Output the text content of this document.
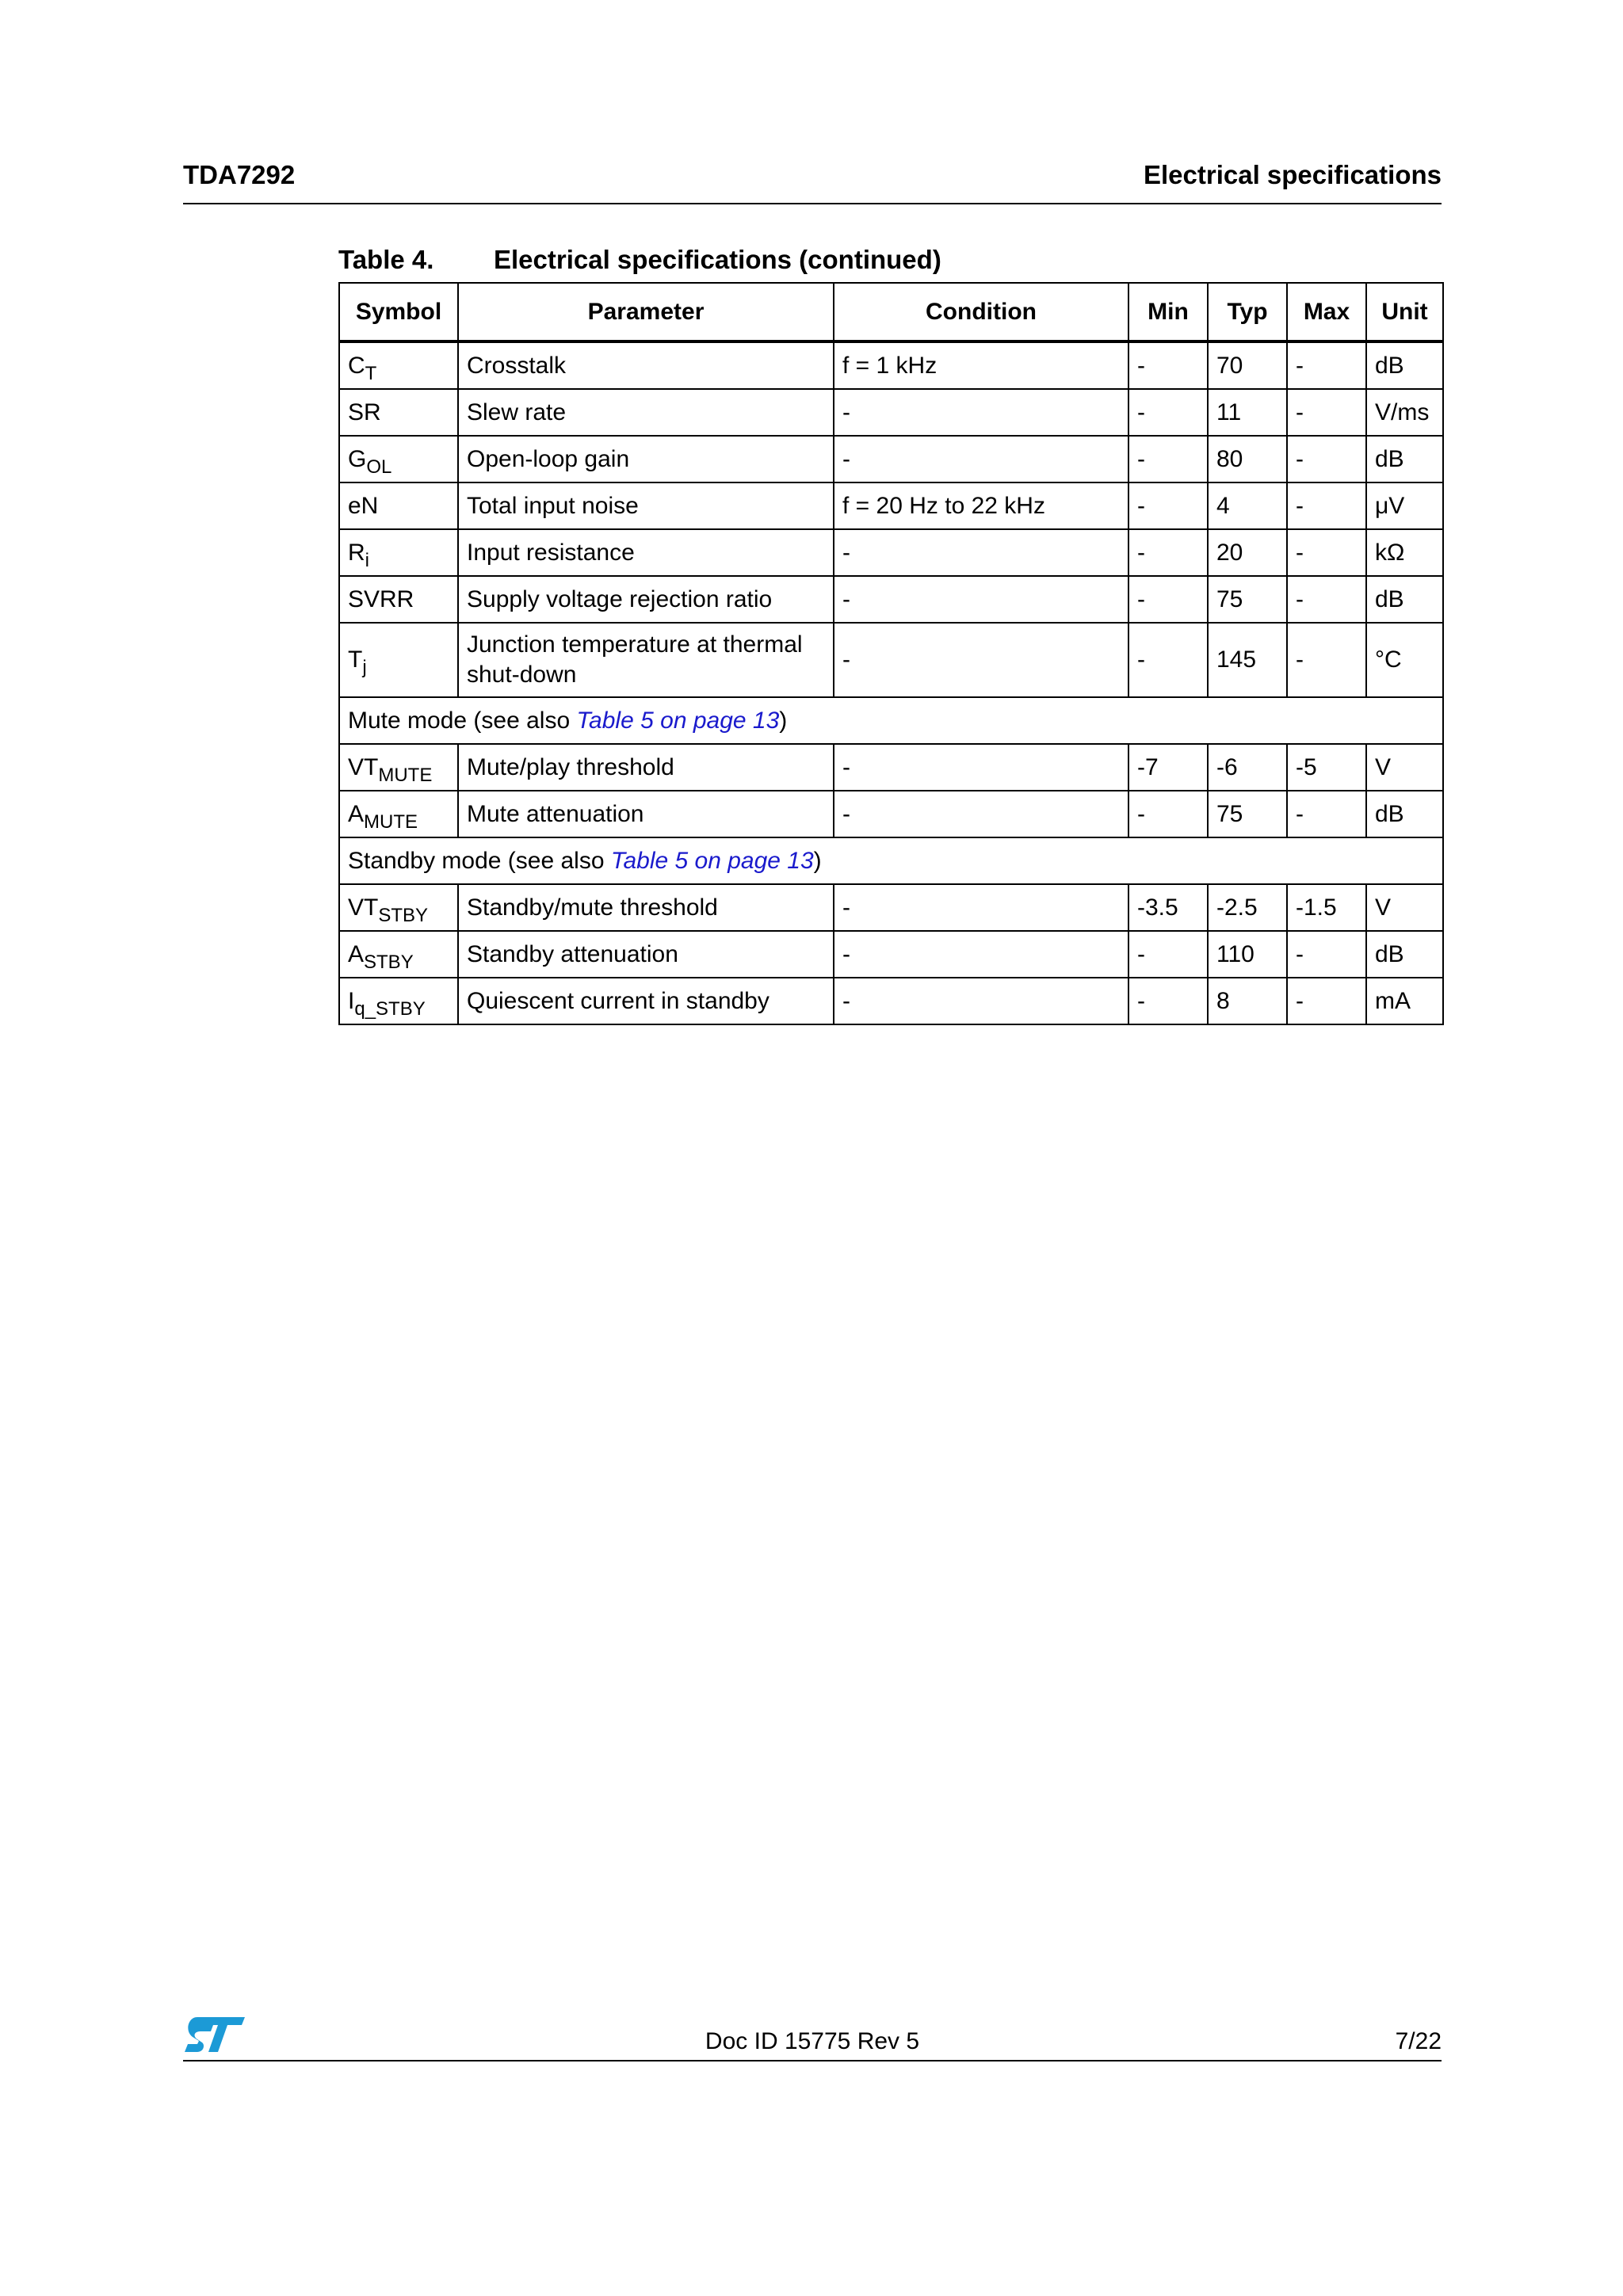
TDA7292	Electrical specifications
Table 4. Electrical specifications (continued)
Symbol	Parameter	Condition	Min	Typ	Max	Unit
$C_T$	Crosstalk	f = 1 kHz	-	70	-	dB
SR	Slew rate	-	-	11	-	V/ms
$G_{OL}$	Open-loop gain	-	-	80	-	dB
eN	Total input noise	f = 20 Hz to 22 kHz	-	4	-	μV
$R_i$	Input resistance	-	-	20	-	kΩ
SVRR	Supply voltage rejection ratio	-	-	75	-	dB
$T_j$	Junction temperature at thermal shut-down	-	-	145	-	°C
Mute mode (see also Table 5 on page 13)						
$VT_{MUTE}$	Mute/play threshold	-	-7	-6	-5	V
$A_{MUTE}$	Mute attenuation	-	-	75	-	dB
Standby mode (see also Table 5 on page 13)						
$VT_{STBY}$	Standby/mute threshold	-	-3.5	-2.5	-1.5	V
$A_{STBY}$	Standby attenuation	-	-	110	-	dB
$I_{q\_STBY}$	Quiescent current in standby	-	-	8	-	mA
Doc ID 15775 Rev 5	7/22
